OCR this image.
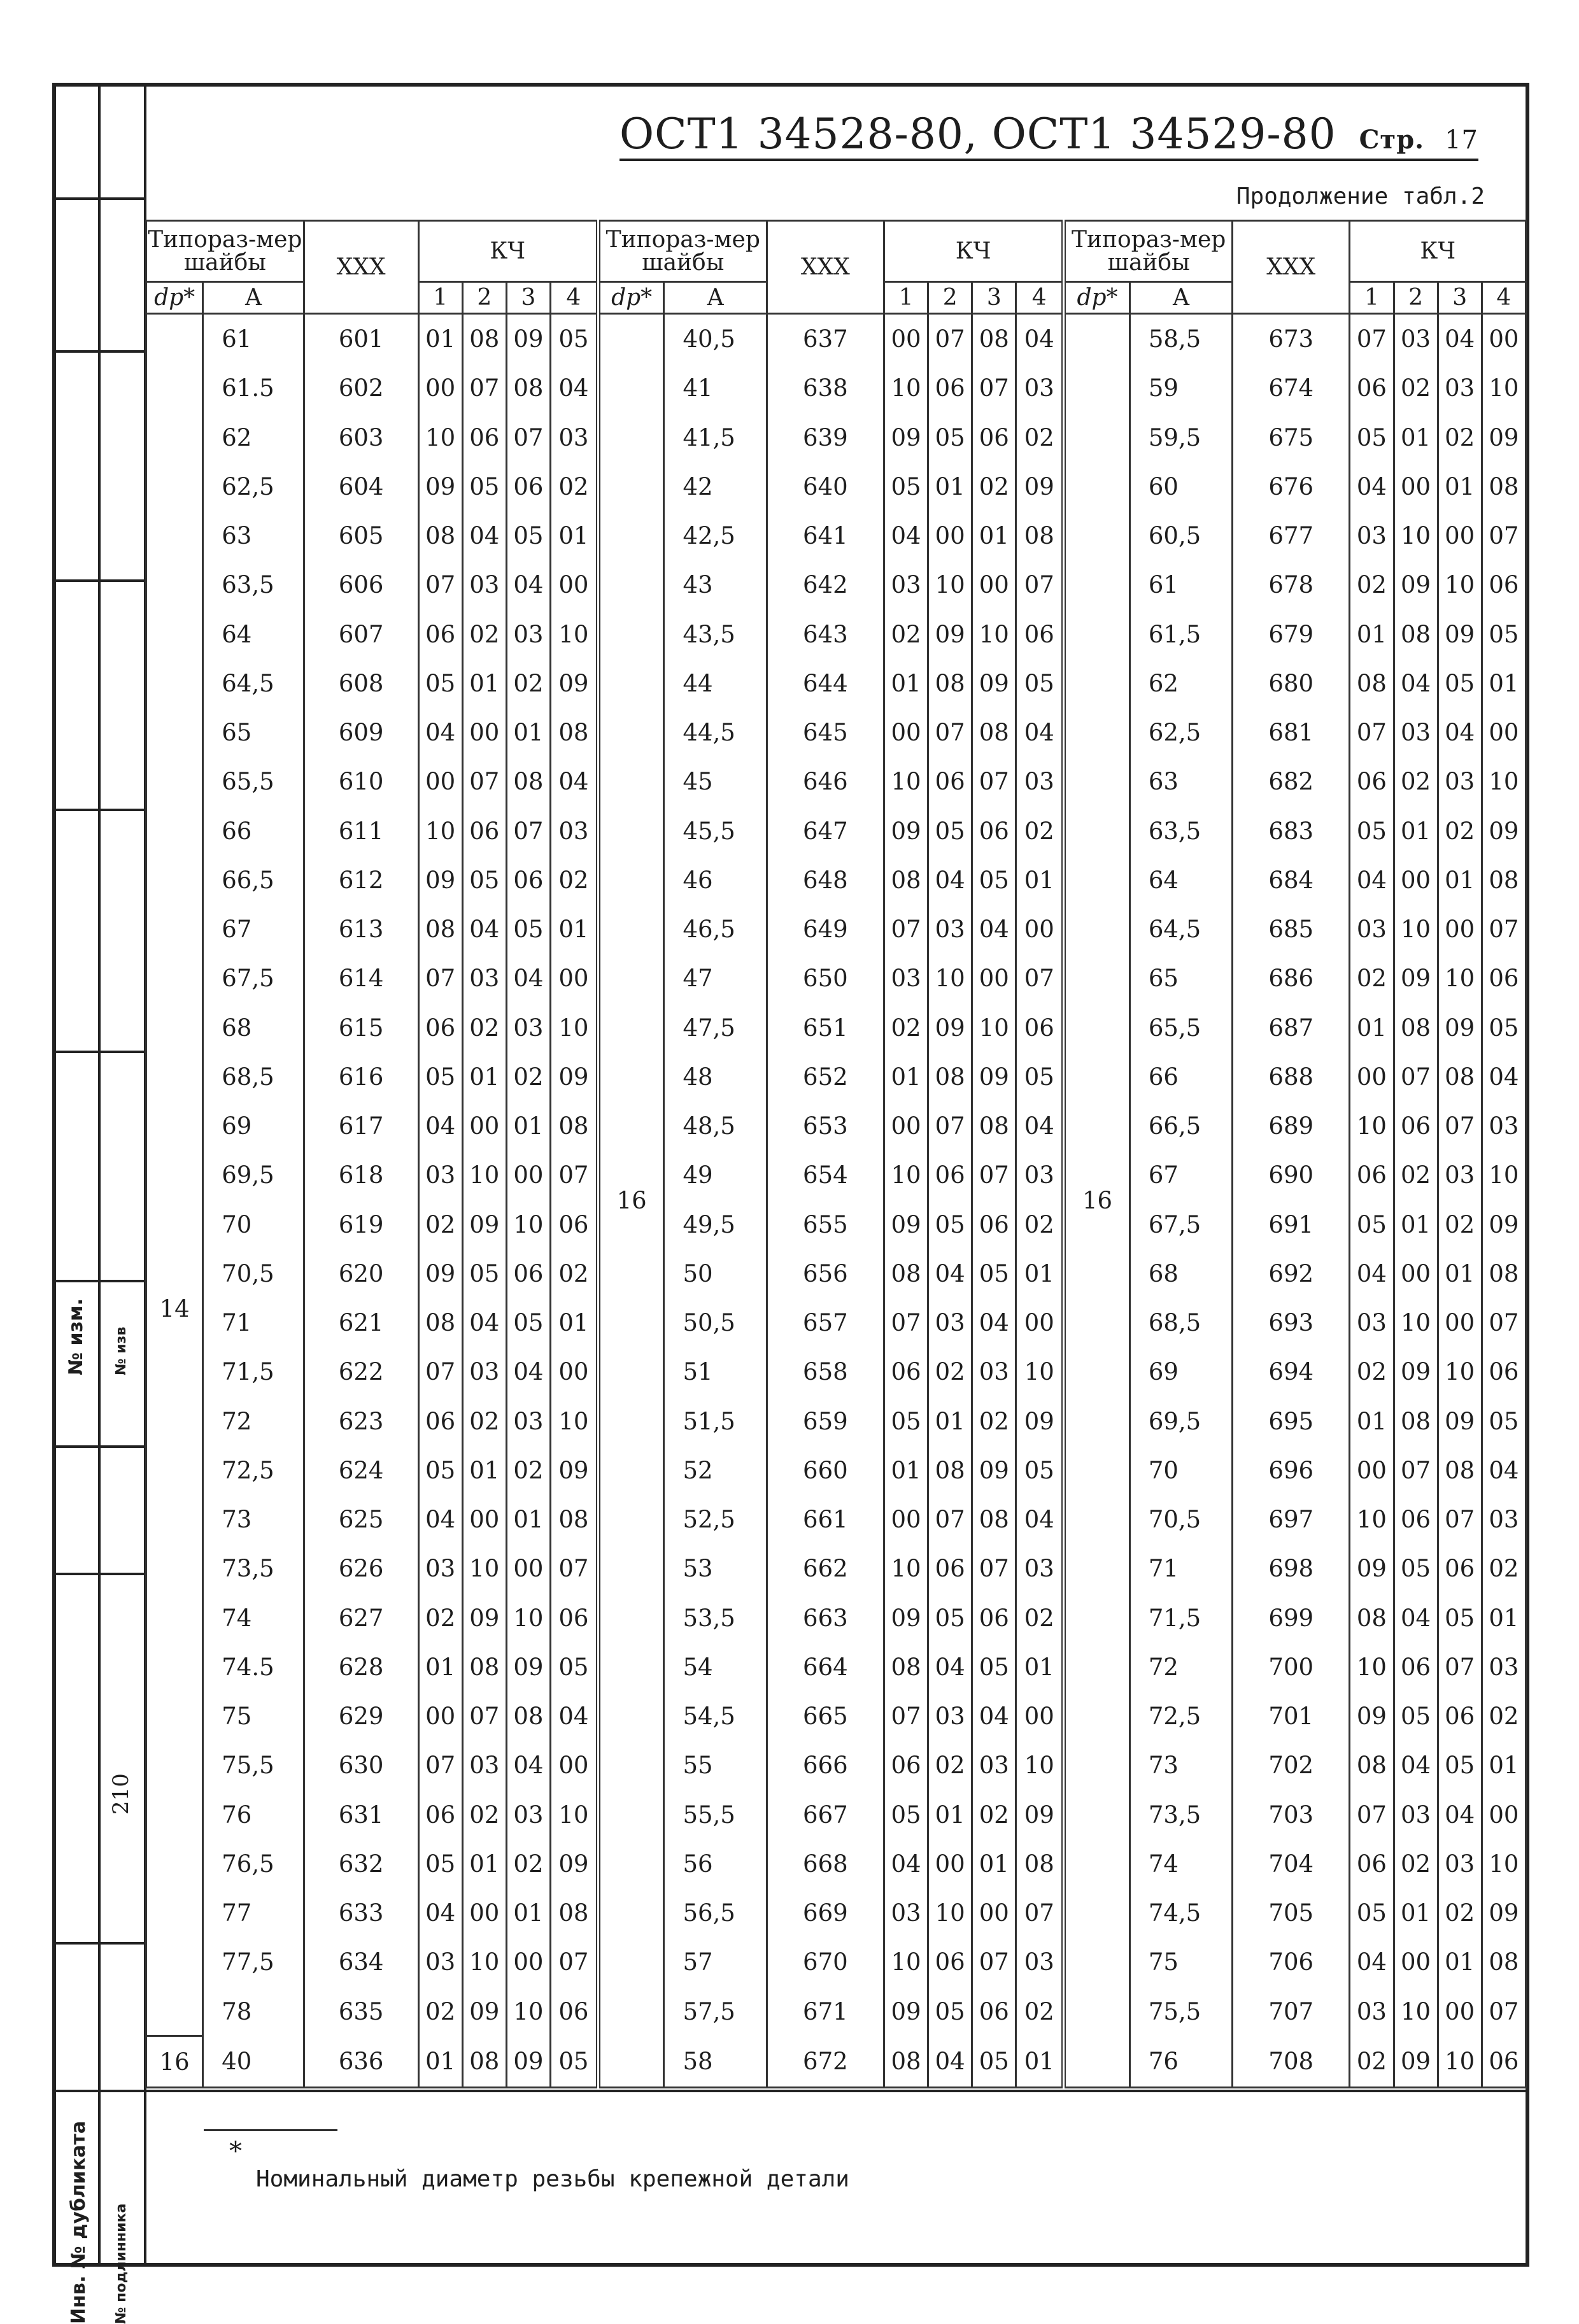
№ изм. № изв
Инв. № дубликата № подлинника
210
ОСТ1 34528-80, ОСТ1 34529-80 Стр. 17
Продолжение табл.2
Типораз-мер шайбы		ХХХ	КЧ				Типораз-мер шайбы		ХХХ	КЧ				Типораз-мер шайбы		ХХХ	КЧ			
dр*	А		1	2	3	4	dр*	А		1	2	3	4	dр*	А		1	2	3	4
14	61	601	01	08	09	05	16	40,5	637	00	07	08	04	16	58,5	673	07	03	04	00
	61.5	602	00	07	08	04		41	638	10	06	07	03		59	674	06	02	03	10
	62	603	10	06	07	03		41,5	639	09	05	06	02		59,5	675	05	01	02	09
	62,5	604	09	05	06	02		42	640	05	01	02	09		60	676	04	00	01	08
	63	605	08	04	05	01		42,5	641	04	00	01	08		60,5	677	03	10	00	07
	63,5	606	07	03	04	00		43	642	03	10	00	07		61	678	02	09	10	06
	64	607	06	02	03	10		43,5	643	02	09	10	06		61,5	679	01	08	09	05
	64,5	608	05	01	02	09		44	644	01	08	09	05		62	680	08	04	05	01
	65	609	04	00	01	08		44,5	645	00	07	08	04		62,5	681	07	03	04	00
	65,5	610	00	07	08	04		45	646	10	06	07	03		63	682	06	02	03	10
	66	611	10	06	07	03		45,5	647	09	05	06	02		63,5	683	05	01	02	09
	66,5	612	09	05	06	02		46	648	08	04	05	01		64	684	04	00	01	08
	67	613	08	04	05	01		46,5	649	07	03	04	00		64,5	685	03	10	00	07
	67,5	614	07	03	04	00		47	650	03	10	00	07		65	686	02	09	10	06
	68	615	06	02	03	10		47,5	651	02	09	10	06		65,5	687	01	08	09	05
	68,5	616	05	01	02	09		48	652	01	08	09	05		66	688	00	07	08	04
	69	617	04	00	01	08		48,5	653	00	07	08	04		66,5	689	10	06	07	03
	69,5	618	03	10	00	07		49	654	10	06	07	03		67	690	06	02	03	10
	70	619	02	09	10	06		49,5	655	09	05	06	02		67,5	691	05	01	02	09
	70,5	620	09	05	06	02		50	656	08	04	05	01		68	692	04	00	01	08
	71	621	08	04	05	01		50,5	657	07	03	04	00		68,5	693	03	10	00	07
	71,5	622	07	03	04	00		51	658	06	02	03	10		69	694	02	09	10	06
	72	623	06	02	03	10		51,5	659	05	01	02	09		69,5	695	01	08	09	05
	72,5	624	05	01	02	09		52	660	01	08	09	05		70	696	00	07	08	04
	73	625	04	00	01	08		52,5	661	00	07	08	04		70,5	697	10	06	07	03
	73,5	626	03	10	00	07		53	662	10	06	07	03		71	698	09	05	06	02
	74	627	02	09	10	06		53,5	663	09	05	06	02		71,5	699	08	04	05	01
	74.5	628	01	08	09	05		54	664	08	04	05	01		72	700	10	06	07	03
	75	629	00	07	08	04		54,5	665	07	03	04	00		72,5	701	09	05	06	02
	75,5	630	07	03	04	00		55	666	06	02	03	10		73	702	08	04	05	01
	76	631	06	02	03	10		55,5	667	05	01	02	09		73,5	703	07	03	04	00
	76,5	632	05	01	02	09		56	668	04	00	01	08		74	704	06	02	03	10
	77	633	04	00	01	08		56,5	669	03	10	00	07		74,5	705	05	01	02	09
	77,5	634	03	10	00	07		57	670	10	06	07	03		75	706	04	00	01	08
	78	635	02	09	10	06		57,5	671	09	05	06	02		75,5	707	03	10	00	07
16	40	636	01	08	09	05		58	672	08	04	05	01		76	708	02	09	10	06
*
Номинальный диаметр резьбы крепежной детали
